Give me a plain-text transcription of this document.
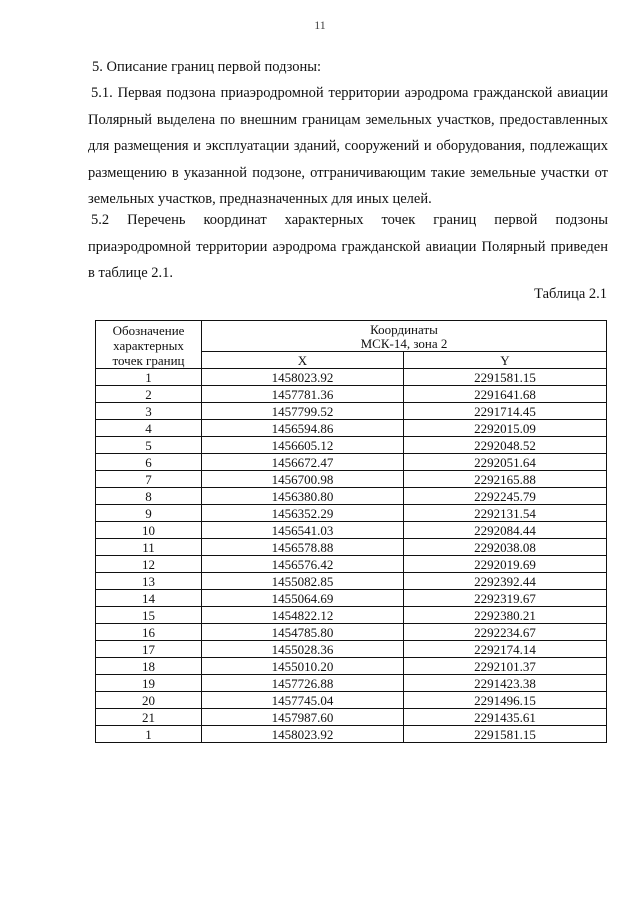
11
5. Описание границ первой подзоны:
5.1. Первая подзона приаэродромной территории аэродрома гражданской авиации Полярный выделена по внешним границам земельных участков, предоставленных для размещения и эксплуатации зданий, сооружений и оборудования, подлежащих размещению в указанной подзоне, отграничивающим такие земельные участки от земельных участков, предназначенных для иных целей.
5.2 Перечень координат характерных точек границ первой подзоны приаэродромной территории аэродрома гражданской авиации Полярный приведен в таблице 2.1.
Таблица 2.1
Обозначение характерных точек границ	Координаты
МСК-14, зона 2	

	X	Y
1	1458023.92	2291581.15
2	1457781.36	2291641.68
3	1457799.52	2291714.45
4	1456594.86	2292015.09
5	1456605.12	2292048.52
6	1456672.47	2292051.64
7	1456700.98	2292165.88
8	1456380.80	2292245.79
9	1456352.29	2292131.54
10	1456541.03	2292084.44
11	1456578.88	2292038.08
12	1456576.42	2292019.69
13	1455082.85	2292392.44
14	1455064.69	2292319.67
15	1454822.12	2292380.21
16	1454785.80	2292234.67
17	1455028.36	2292174.14
18	1455010.20	2292101.37
19	1457726.88	2291423.38
20	1457745.04	2291496.15
21	1457987.60	2291435.61
1	1458023.92	2291581.15
